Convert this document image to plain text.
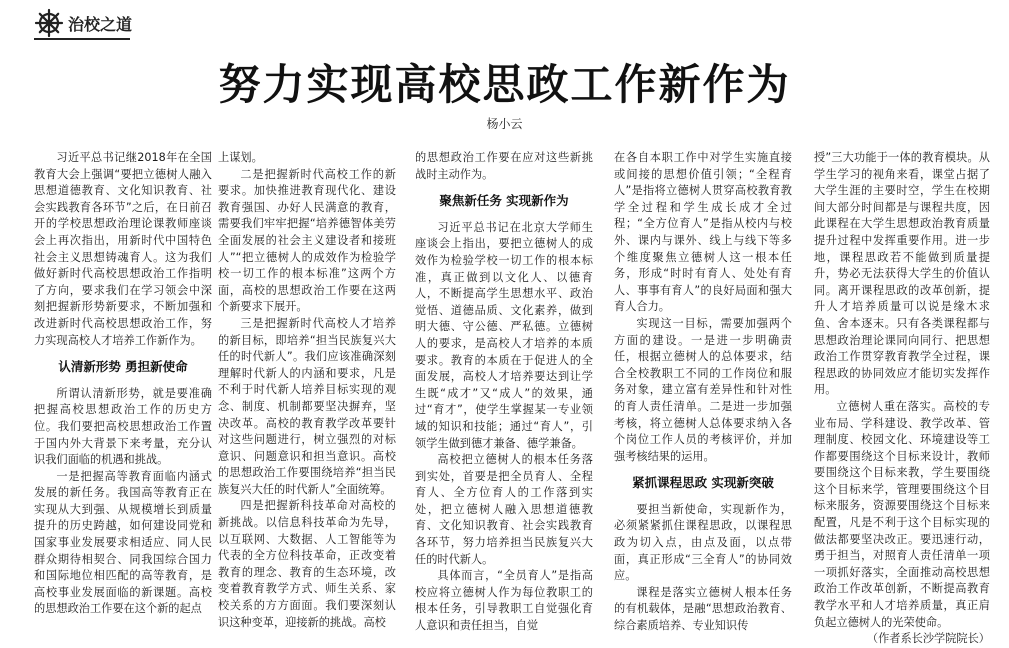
治校之道
努力实现高校思政工作新作为
杨小云

习近平总书记继2018年在全国教育大会上强调“要把立德树人融入思想道德教育、文化知识教育、社会实践教育各环节”之后，在日前召开的学校思想政治理论课教师座谈会上再次指出，用新时代中国特色社会主义思想铸魂育人。这为我们做好新时代高校思想政治工作指明了方向，要求我们在学习领会中深刻把握新形势新要求，不断加强和改进新时代高校思想政治工作，努力实现高校人才培养工作新作为。

认清新形势 勇担新使命

所谓认清新形势，就是要准确把握高校思想政治工作的历史方位。我们要把高校思想政治工作置于国内外大背景下来考量，充分认识我们面临的机遇和挑战。

一是把握高等教育面临内涵式发展的新任务。我国高等教育正在实现从大到强、从规模增长到质量提升的历史跨越，如何建设同党和国家事业发展要求相适应、同人民群众期待相契合、同我国综合国力和国际地位相匹配的高等教育，是高校事业发展面临的新课题。高校的思想政治工作要在这个新的起点

上谋划。

二是把握新时代高校工作的新要求。加快推进教育现代化、建设教育强国、办好人民满意的教育，需要我们牢牢把握“培养德智体美劳全面发展的社会主义建设者和接班人”“把立德树人的成效作为检验学校一切工作的根本标准”这两个方面，高校的思想政治工作要在这两个新要求下展开。

三是把握新时代高校人才培养的新目标，即培养“担当民族复兴大任的时代新人”。我们应该准确深刻理解时代新人的内涵和要求，凡是不利于时代新人培养目标实现的观念、制度、机制都要坚决摒弃，坚决改革。高校的教育教学改革要针对这些问题进行，树立强烈的对标意识、问题意识和担当意识。高校的思想政治工作要围绕培养“担当民族复兴大任的时代新人”全面统筹。

四是把握新科技革命对高校的新挑战。以信息科技革命为先导，以互联网、大数据、人工智能等为代表的全方位科技革命，正改变着教育的理念、教育的生态环境，改变着教育教学方式、师生关系、家校关系的方方面面。我们要深刻认识这种变革，迎接新的挑战。高校

的思想政治工作要在应对这些新挑战时主动作为。

聚焦新任务 实现新作为

习近平总书记在北京大学师生座谈会上指出，要把立德树人的成效作为检验学校一切工作的根本标准，真正做到以文化人、以德育人，不断提高学生思想水平、政治觉悟、道德品质、文化素养，做到明大德、守公德、严私德。立德树人的要求，是高校人才培养的本质要求。教育的本质在于促进人的全面发展，高校人才培养要达到让学生既“成才”又“成人”的效果，通过“育才”，使学生掌握某一专业领域的知识和技能；通过“育人”，引领学生做到德才兼备、德学兼备。

高校把立德树人的根本任务落到实处，首要是把全员育人、全程育人、全方位育人的工作落到实处，把立德树人融入思想道德教育、文化知识教育、社会实践教育各环节，努力培养担当民族复兴大任的时代新人。

具体而言，“全员育人”是指高校应将立德树人作为每位教职工的根本任务，引导教职工自觉强化育人意识和责任担当，自觉

在各自本职工作中对学生实施直接或间接的思想价值引领；“全程育人”是指将立德树人贯穿高校教育教学全过程和学生成长成才全过程；“全方位育人”是指从校内与校外、课内与课外、线上与线下等多个维度聚焦立德树人这一根本任务，形成“时时有育人、处处有育人、事事有育人”的良好局面和强大育人合力。

实现这一目标，需要加强两个方面的建设。一是进一步明确责任，根据立德树人的总体要求，结合全校教职工不同的工作岗位和服务对象，建立富有差异性和针对性的育人责任清单。二是进一步加强考核，将立德树人总体要求纳入各个岗位工作人员的考核评价，并加强考核结果的运用。

紧抓课程思政 实现新突破

要担当新使命，实现新作为，必须紧紧抓住课程思政，以课程思政为切入点，由点及面，以点带面，真正形成“三全育人”的协同效应。

课程是落实立德树人根本任务的有机载体，是融“思想政治教育、综合素质培养、专业知识传

授”三大功能于一体的教育模块。从学生学习的视角来看，课堂占据了大学生涯的主要时空，学生在校期间大部分时间都是与课程共度，因此课程在大学生思想政治教育质量提升过程中发挥重要作用。进一步地，课程思政若不能做到质量提升，势必无法获得大学生的价值认同。离开课程思政的改革创新，提升人才培养质量可以说是缘木求鱼、舍本逐末。只有各类课程都与思想政治理论课同向同行、把思想政治工作贯穿教育教学全过程，课程思政的协同效应才能切实发挥作用。

立德树人重在落实。高校的专业布局、学科建设、教学改革、管理制度、校园文化、环境建设等工作都要围绕这个目标来设计，教师要围绕这个目标来教，学生要围绕这个目标来学，管理要围绕这个目标来服务，资源要围绕这个目标来配置，凡是不利于这个目标实现的做法都要坚决改正。要迅速行动，勇于担当，对照育人责任清单一项一项抓好落实，全面推动高校思想政治工作改革创新，不断提高教育教学水平和人才培养质量，真正肩负起立德树人的光荣使命。

（作者系长沙学院院长）
